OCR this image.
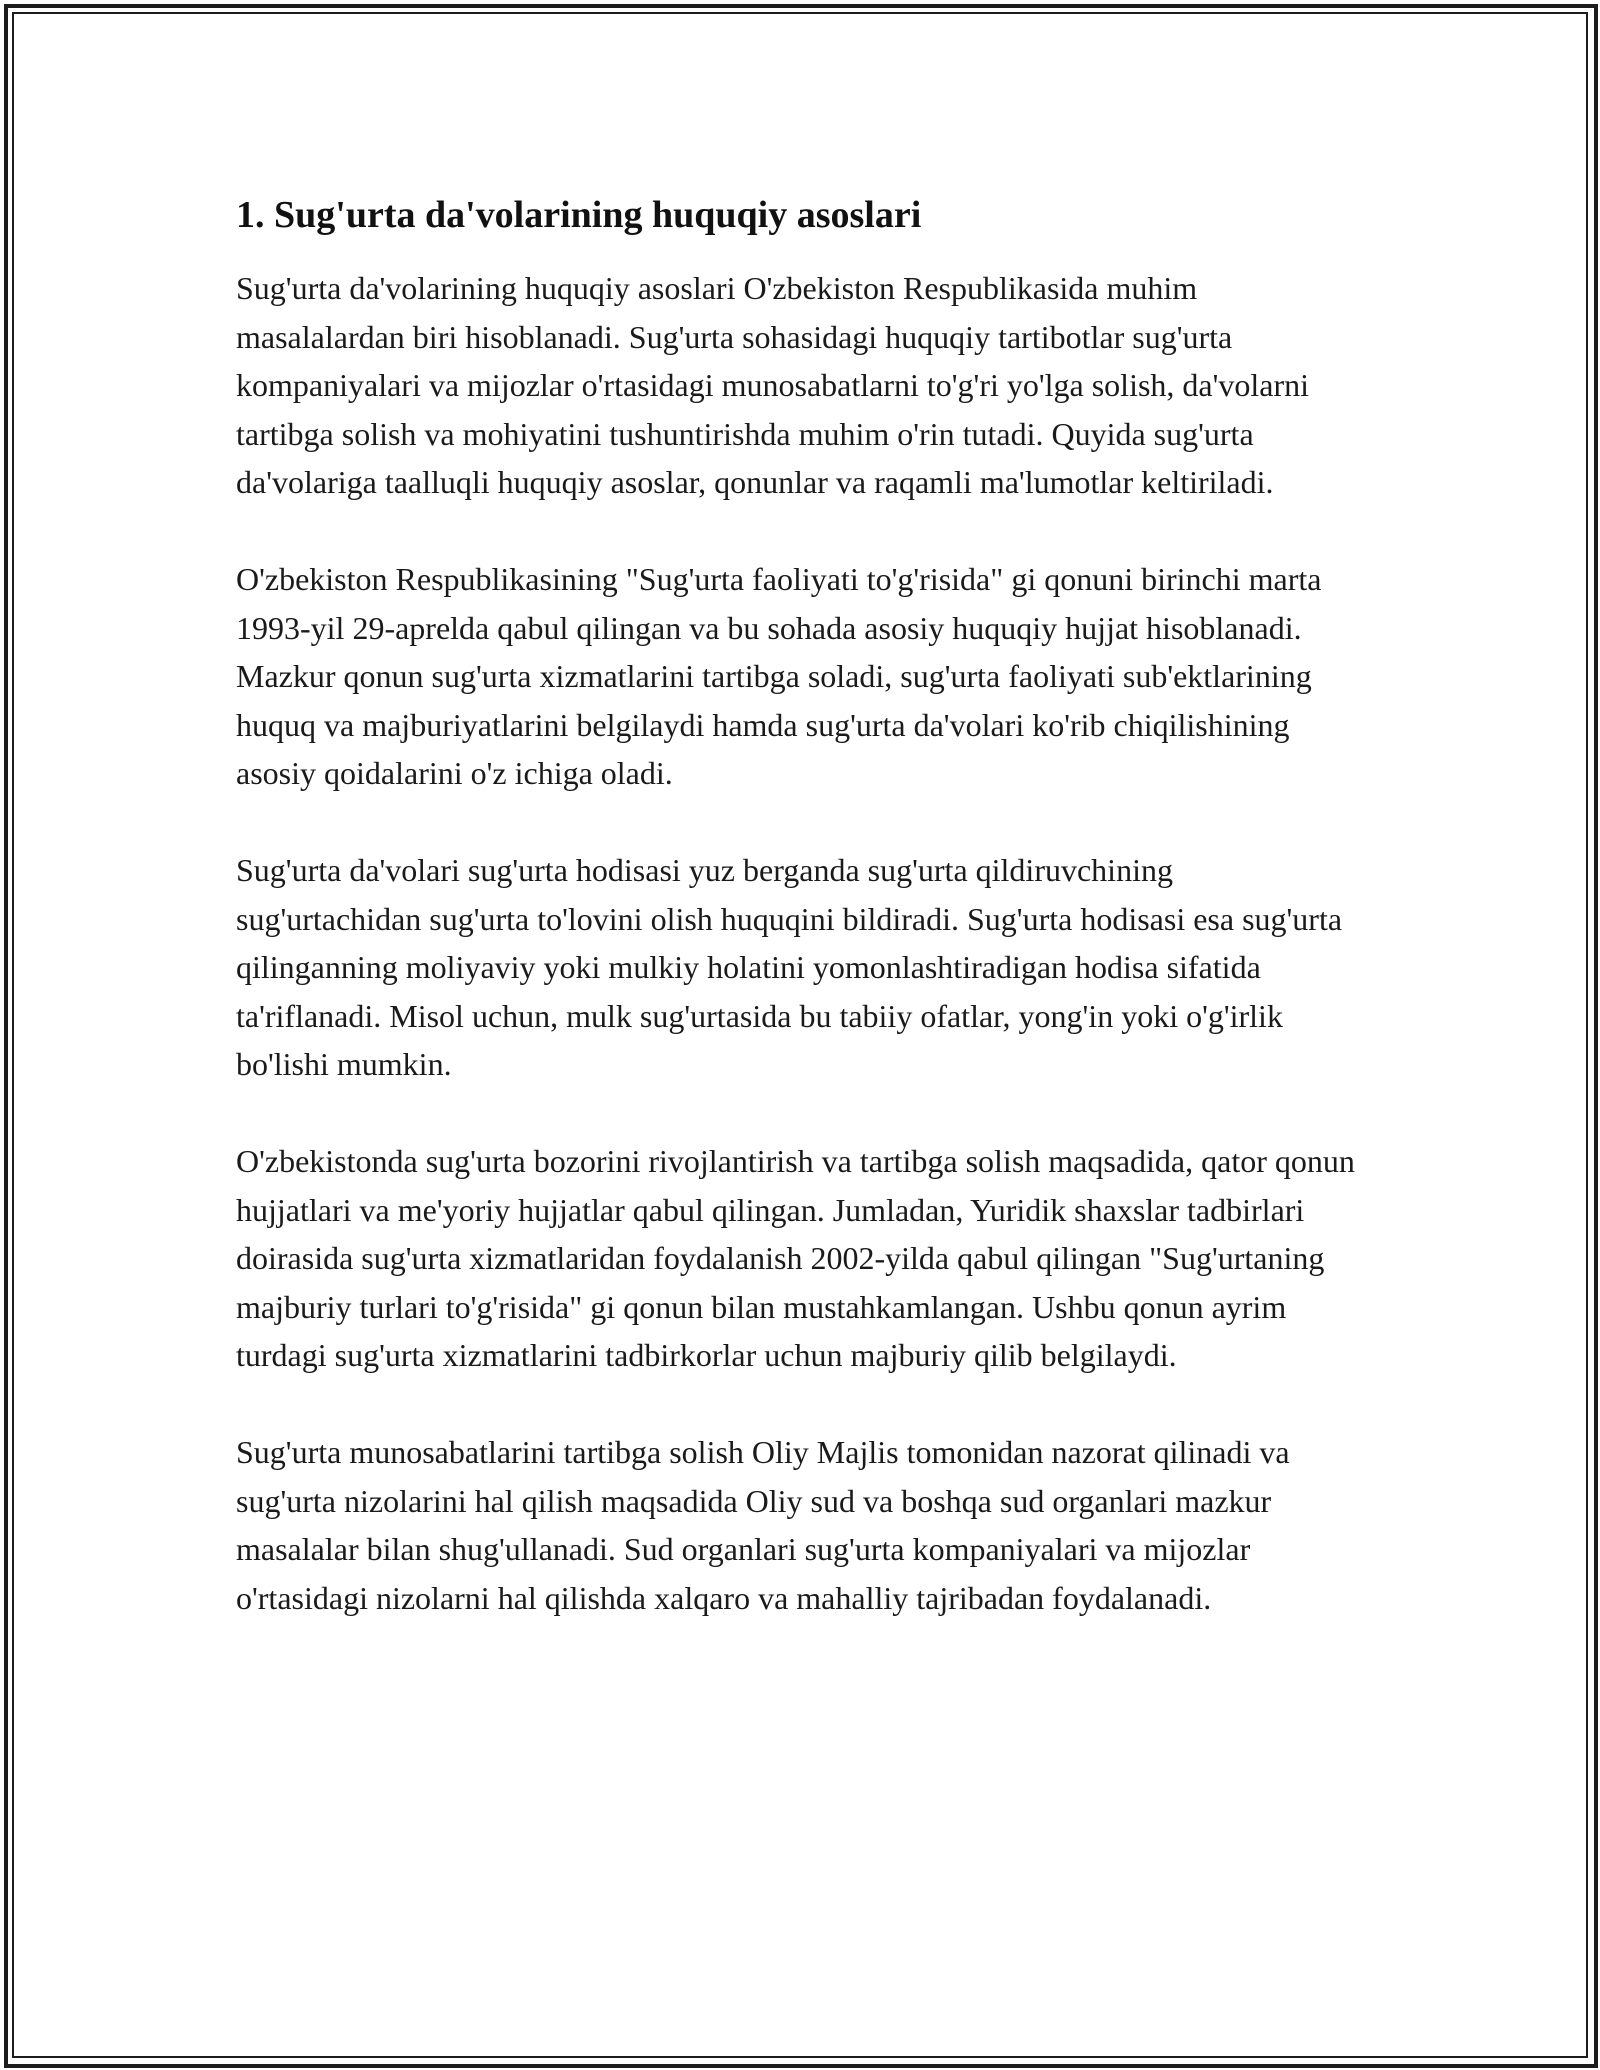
1. Sug'urta da'volarining huquqiy asoslari

Sug'urta da'volarining huquqiy asoslari O'zbekiston Respublikasida muhim masalalardan biri hisoblanadi. Sug'urta sohasidagi huquqiy tartibotlar sug'urta kompaniyalari va mijozlar o'rtasidagi munosabatlarni to'g'ri yo'lga solish, da'volarni tartibga solish va mohiyatini tushuntirishda muhim o'rin tutadi. Quyida sug'urta da'volariga taalluqli huquqiy asoslar, qonunlar va raqamli ma'lumotlar keltiriladi.

O'zbekiston Respublikasining "Sug'urta faoliyati to'g'risida" gi qonuni birinchi marta 1993-yil 29-aprelda qabul qilingan va bu sohada asosiy huquqiy hujjat hisoblanadi. Mazkur qonun sug'urta xizmatlarini tartibga soladi, sug'urta faoliyati sub'ektlarining huquq va majburiyatlarini belgilaydi hamda sug'urta da'volari ko'rib chiqilishining asosiy qoidalarini o'z ichiga oladi.

Sug'urta da'volari sug'urta hodisasi yuz berganda sug'urta qildiruvchining sug'urtachidan sug'urta to'lovini olish huquqini bildiradi. Sug'urta hodisasi esa sug'urta qilinganning moliyaviy yoki mulkiy holatini yomonlashtiradigan hodisa sifatida ta'riflanadi. Misol uchun, mulk sug'urtasida bu tabiiy ofatlar, yong'in yoki o'g'irlik bo'lishi mumkin.

O'zbekistonda sug'urta bozorini rivojlantirish va tartibga solish maqsadida, qator qonun hujjatlari va me'yoriy hujjatlar qabul qilingan. Jumladan, Yuridik shaxslar tadbirlari doirasida sug'urta xizmatlaridan foydalanish 2002-yilda qabul qilingan "Sug'urtaning majburiy turlari to'g'risida" gi qonun bilan mustahkamlangan. Ushbu qonun ayrim turdagi sug'urta xizmatlarini tadbirkorlar uchun majburiy qilib belgilaydi.

Sug'urta munosabatlarini tartibga solish Oliy Majlis tomonidan nazorat qilinadi va sug'urta nizolarini hal qilish maqsadida Oliy sud va boshqa sud organlari mazkur masalalar bilan shug'ullanadi. Sud organlari sug'urta kompaniyalari va mijozlar o'rtasidagi nizolarni hal qilishda xalqaro va mahalliy tajribadan foydalanadi.
